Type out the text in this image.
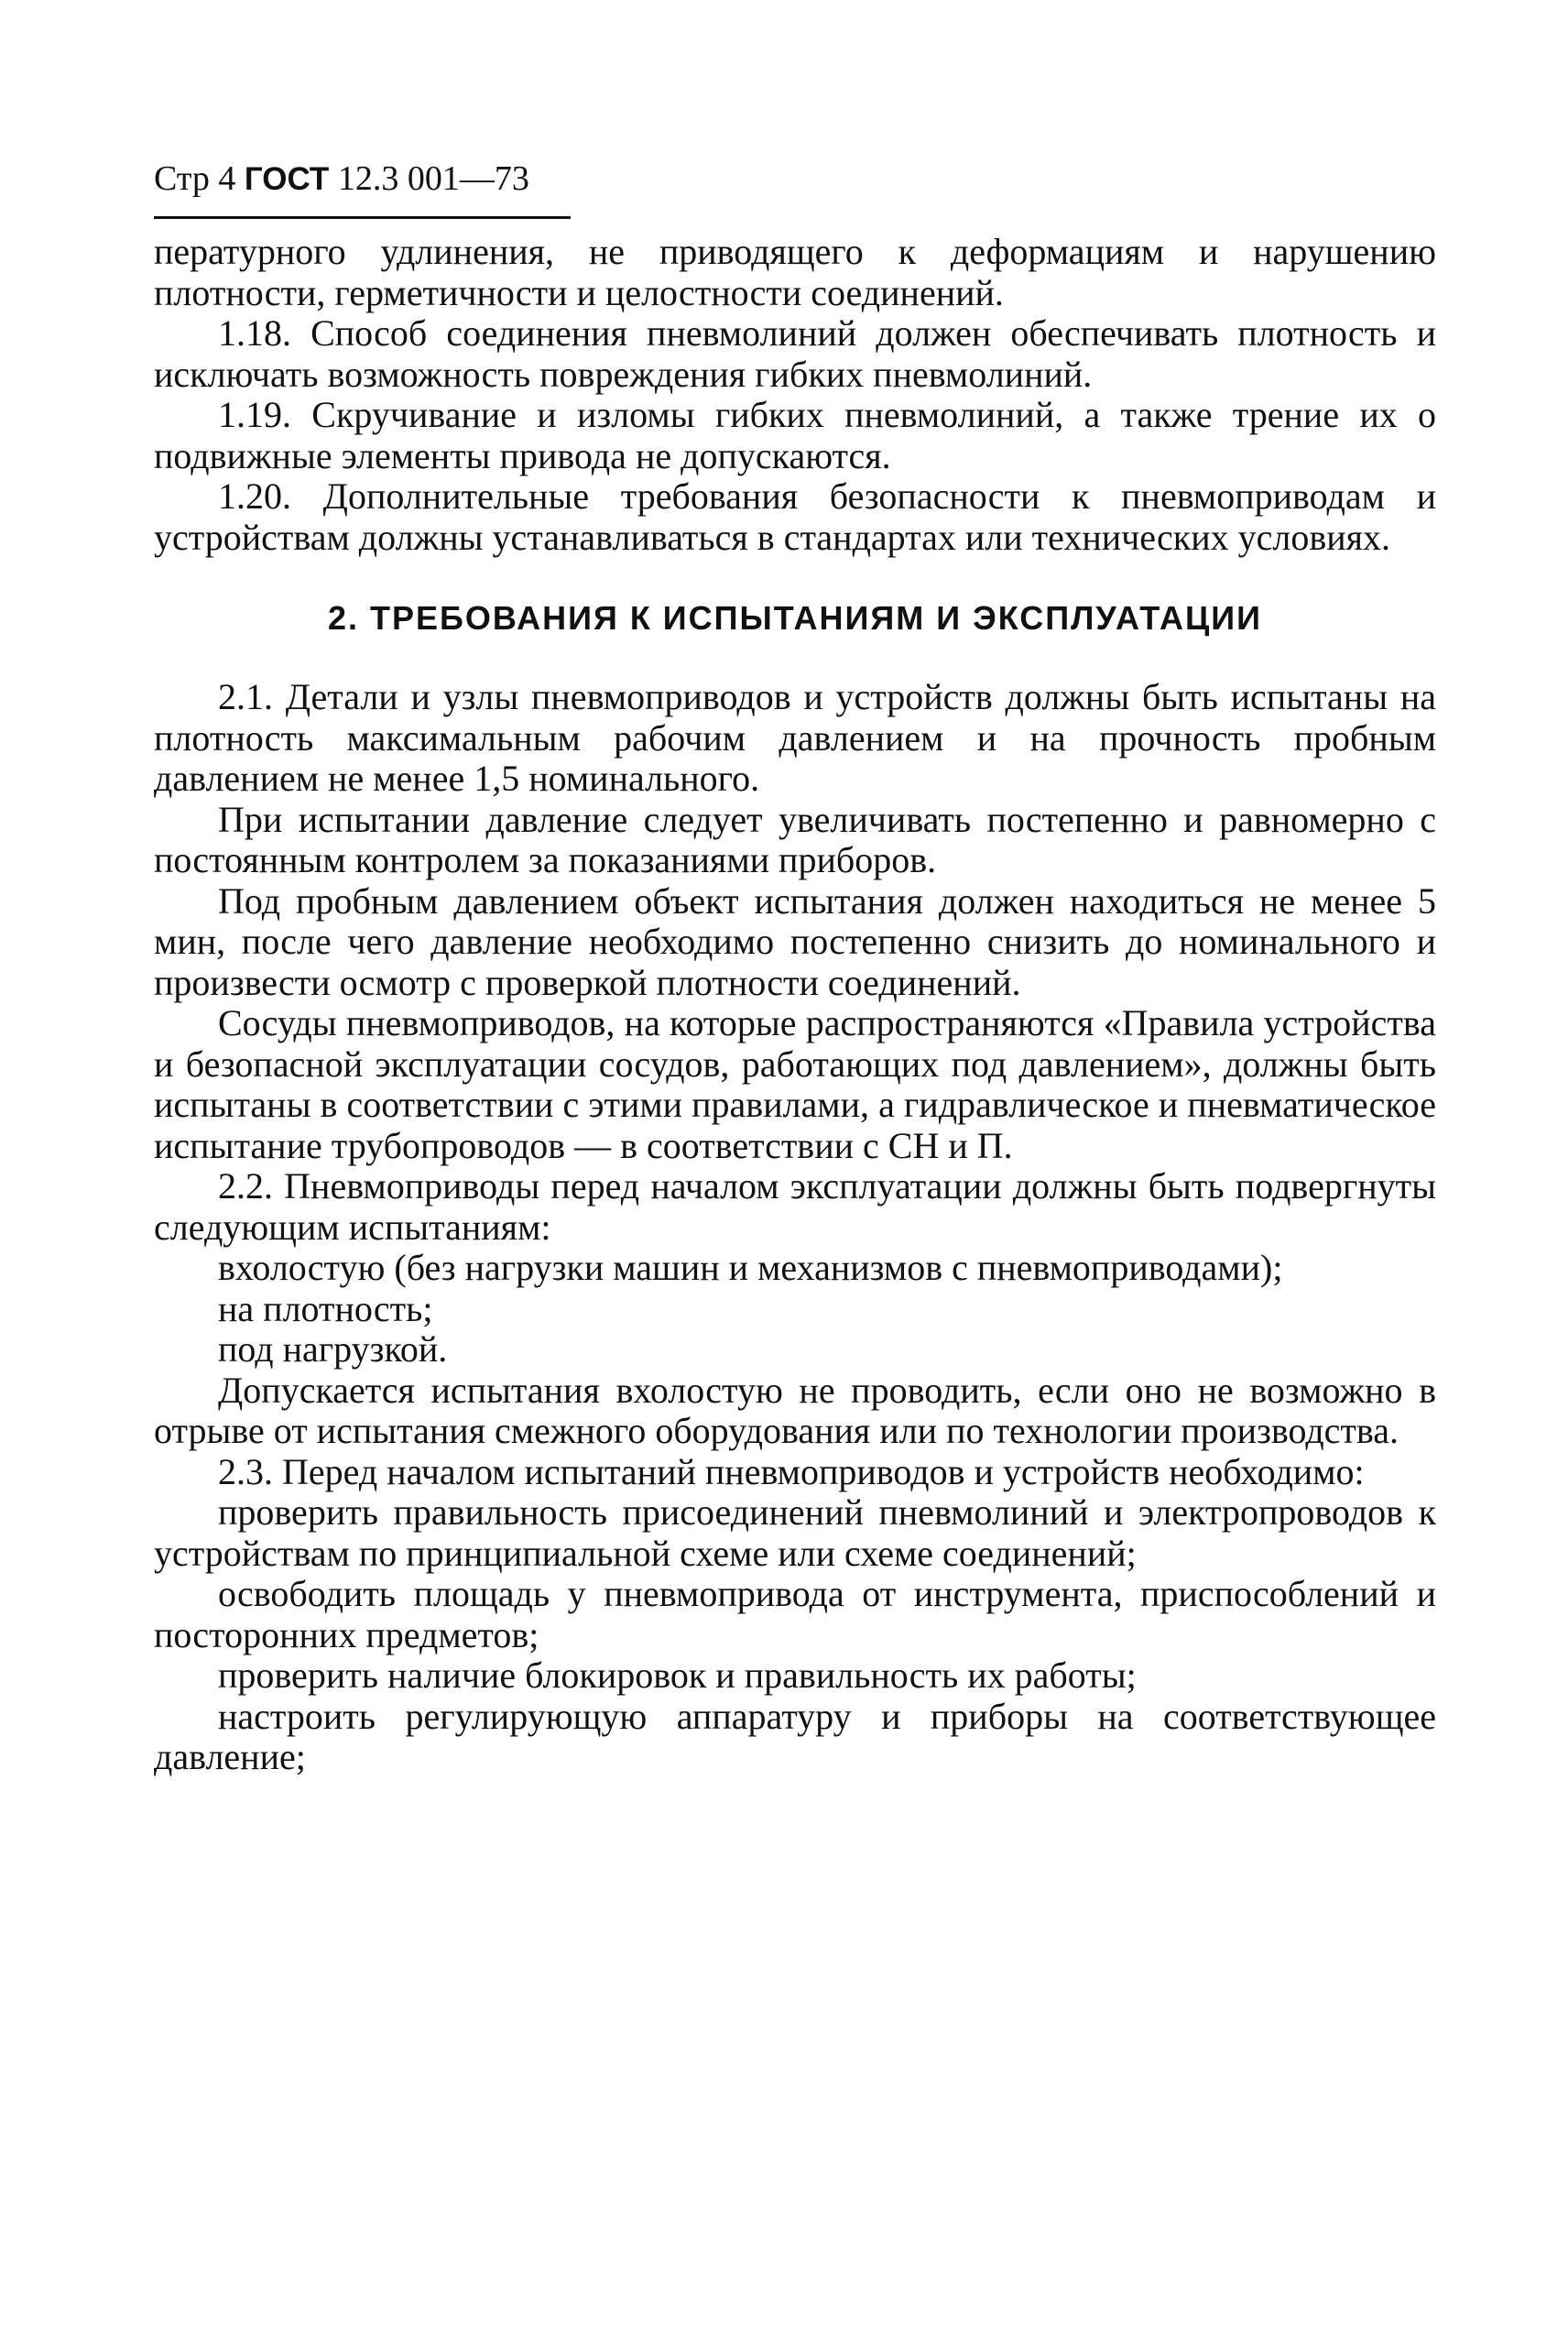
Стр 4 ГОСТ 12.3 001—73

пературного удлинения, не приводящего к деформациям и нарушению плотности, герметичности и целостности соединений.

1.18. Способ соединения пневмолиний должен обеспечивать плотность и исключать возможность повреждения гибких пневмолиний.

1.19. Скручивание и изломы гибких пневмолиний, а также трение их о подвижные элементы привода не допускаются.

1.20. Дополнительные требования безопасности к пневмоприводам и устройствам должны устанавливаться в стандартах или технических условиях.

2. ТРЕБОВАНИЯ К ИСПЫТАНИЯМ И ЭКСПЛУАТАЦИИ

2.1. Детали и узлы пневмоприводов и устройств должны быть испытаны на плотность максимальным рабочим давлением и на прочность пробным давлением не менее 1,5 номинального.

При испытании давление следует увеличивать постепенно и равномерно с постоянным контролем за показаниями приборов.

Под пробным давлением объект испытания должен находиться не менее 5 мин, после чего давление необходимо постепенно снизить до номинального и произвести осмотр с проверкой плотности соединений.

Сосуды пневмоприводов, на которые распространяются «Правила устройства и безопасной эксплуатации сосудов, работающих под давлением», должны быть испытаны в соответствии с этими правилами, а гидравлическое и пневматическое испытание трубопроводов — в соответствии с СН и П.

2.2. Пневмоприводы перед началом эксплуатации должны быть подвергнуты следующим испытаниям:

вхолостую (без нагрузки машин и механизмов с пневмоприводами);

на плотность;

под нагрузкой.

Допускается испытания вхолостую не проводить, если оно не возможно в отрыве от испытания смежного оборудования или по технологии производства.

2.3. Перед началом испытаний пневмоприводов и устройств необходимо:

проверить правильность присоединений пневмолиний и электропроводов к устройствам по принципиальной схеме или схеме соединений;

освободить площадь у пневмопривода от инструмента, приспособлений и посторонних предметов;

проверить наличие блокировок и правильность их работы;

настроить регулирующую аппаратуру и приборы на соответствующее давление;
